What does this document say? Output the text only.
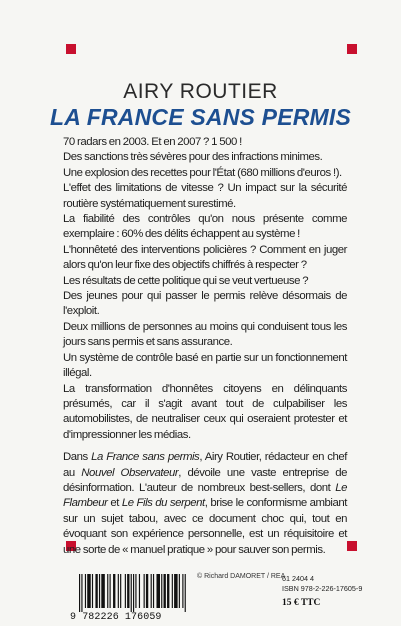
AIRY ROUTIER
LA FRANCE SANS PERMIS

70 radars en 2003. Et en 2007 ? 1 500 !

Des sanctions très sévères pour des infractions minimes.

Une explosion des recettes pour l'État (680 millions d'euros !).

L'effet des limitations de vitesse ? Un impact sur la sécurité routière systématiquement surestimé.

La fiabilité des contrôles qu'on nous présente comme exemplaire : 60% des délits échappent au système !

L'honnêteté des interventions policières ? Comment en juger alors qu'on leur fixe des objectifs chiffrés à respecter ?

Les résultats de cette politique qui se veut vertueuse ?

Des jeunes pour qui passer le permis relève désormais de l'exploit.

Deux millions de personnes au moins qui conduisent tous les jours sans permis et sans assurance.

Un système de contrôle basé en partie sur un fonctionnement illégal.

La transformation d'honnêtes citoyens en délinquants présumés, car il s'agit avant tout de culpabiliser les automobilistes, de neutraliser ceux qui oseraient protester et d'impressionner les médias.

Dans La France sans permis, Airy Routier, rédacteur en chef au Nouvel Observateur, dévoile une vaste entreprise de désinformation. L'auteur de nombreux best-sellers, dont Le Flambeur et Le Fils du serpent, brise le conformisme ambiant sur un sujet tabou, avec ce document choc qui, tout en évoquant son expérience personnelle, est un réquisitoire et une sorte de « manuel pratique » pour sauver son permis.

9 782226 176059
© Richard DAMORET / REA
61 2404 4
ISBN 978-2-226-17605-9
15 € TTC
